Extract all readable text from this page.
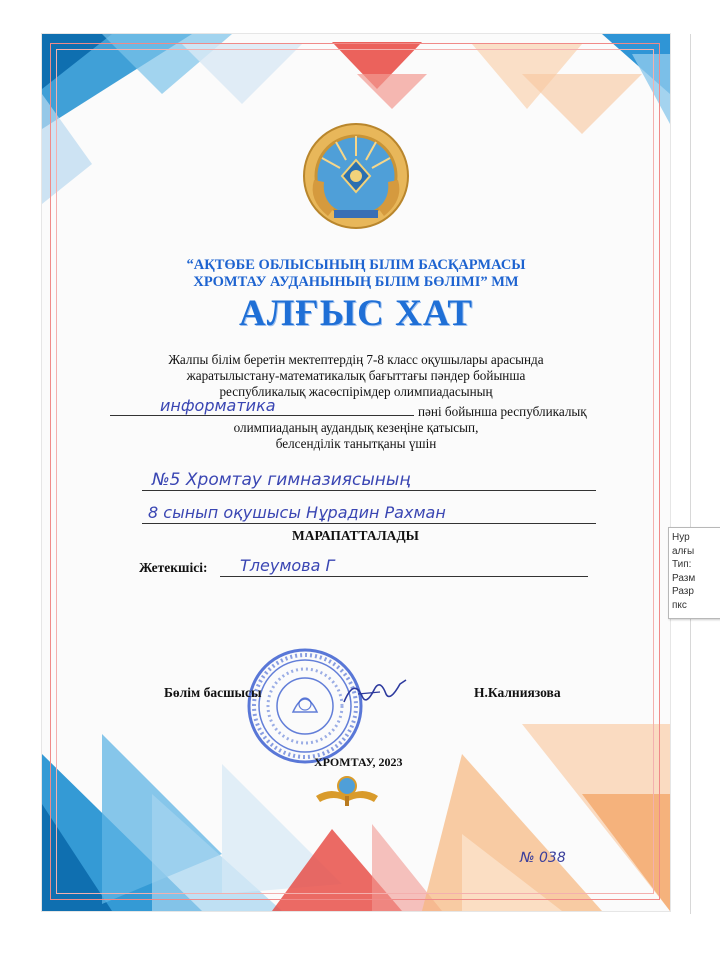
“АҚТӨБЕ ОБЛЫСЫНЫҢ БІЛІМ БАСҚАРМАСЫ
ХРОМТАУ АУДАНЫНЫҢ БІЛІМ БӨЛІМІ” ММ
АЛҒЫС ХАТ
Жалпы білім беретін мектептердің 7-8 класс оқушылары арасында
жаратылыстану-математикалық бағыттағы пәндер бойынша
республикалық жасөспірімдер олимпиадасының
информатика	пәні бойынша республикалық
олимпиаданың аудандық кезеңіне қатысып,
белсенділік танытқаны үшін
№5 Хромтау гимназиясының
8 сынып оқушысы Нұрадин Рахман
МАРАПАТТАЛАДЫ
Жетекшісі:	Тлеумова Г
Бөлім басшысы	Н.Калниязова
ХРОМТАУ, 2023
№ 038
Нур
алғы
Тип:
Разм
Разр
пкс
